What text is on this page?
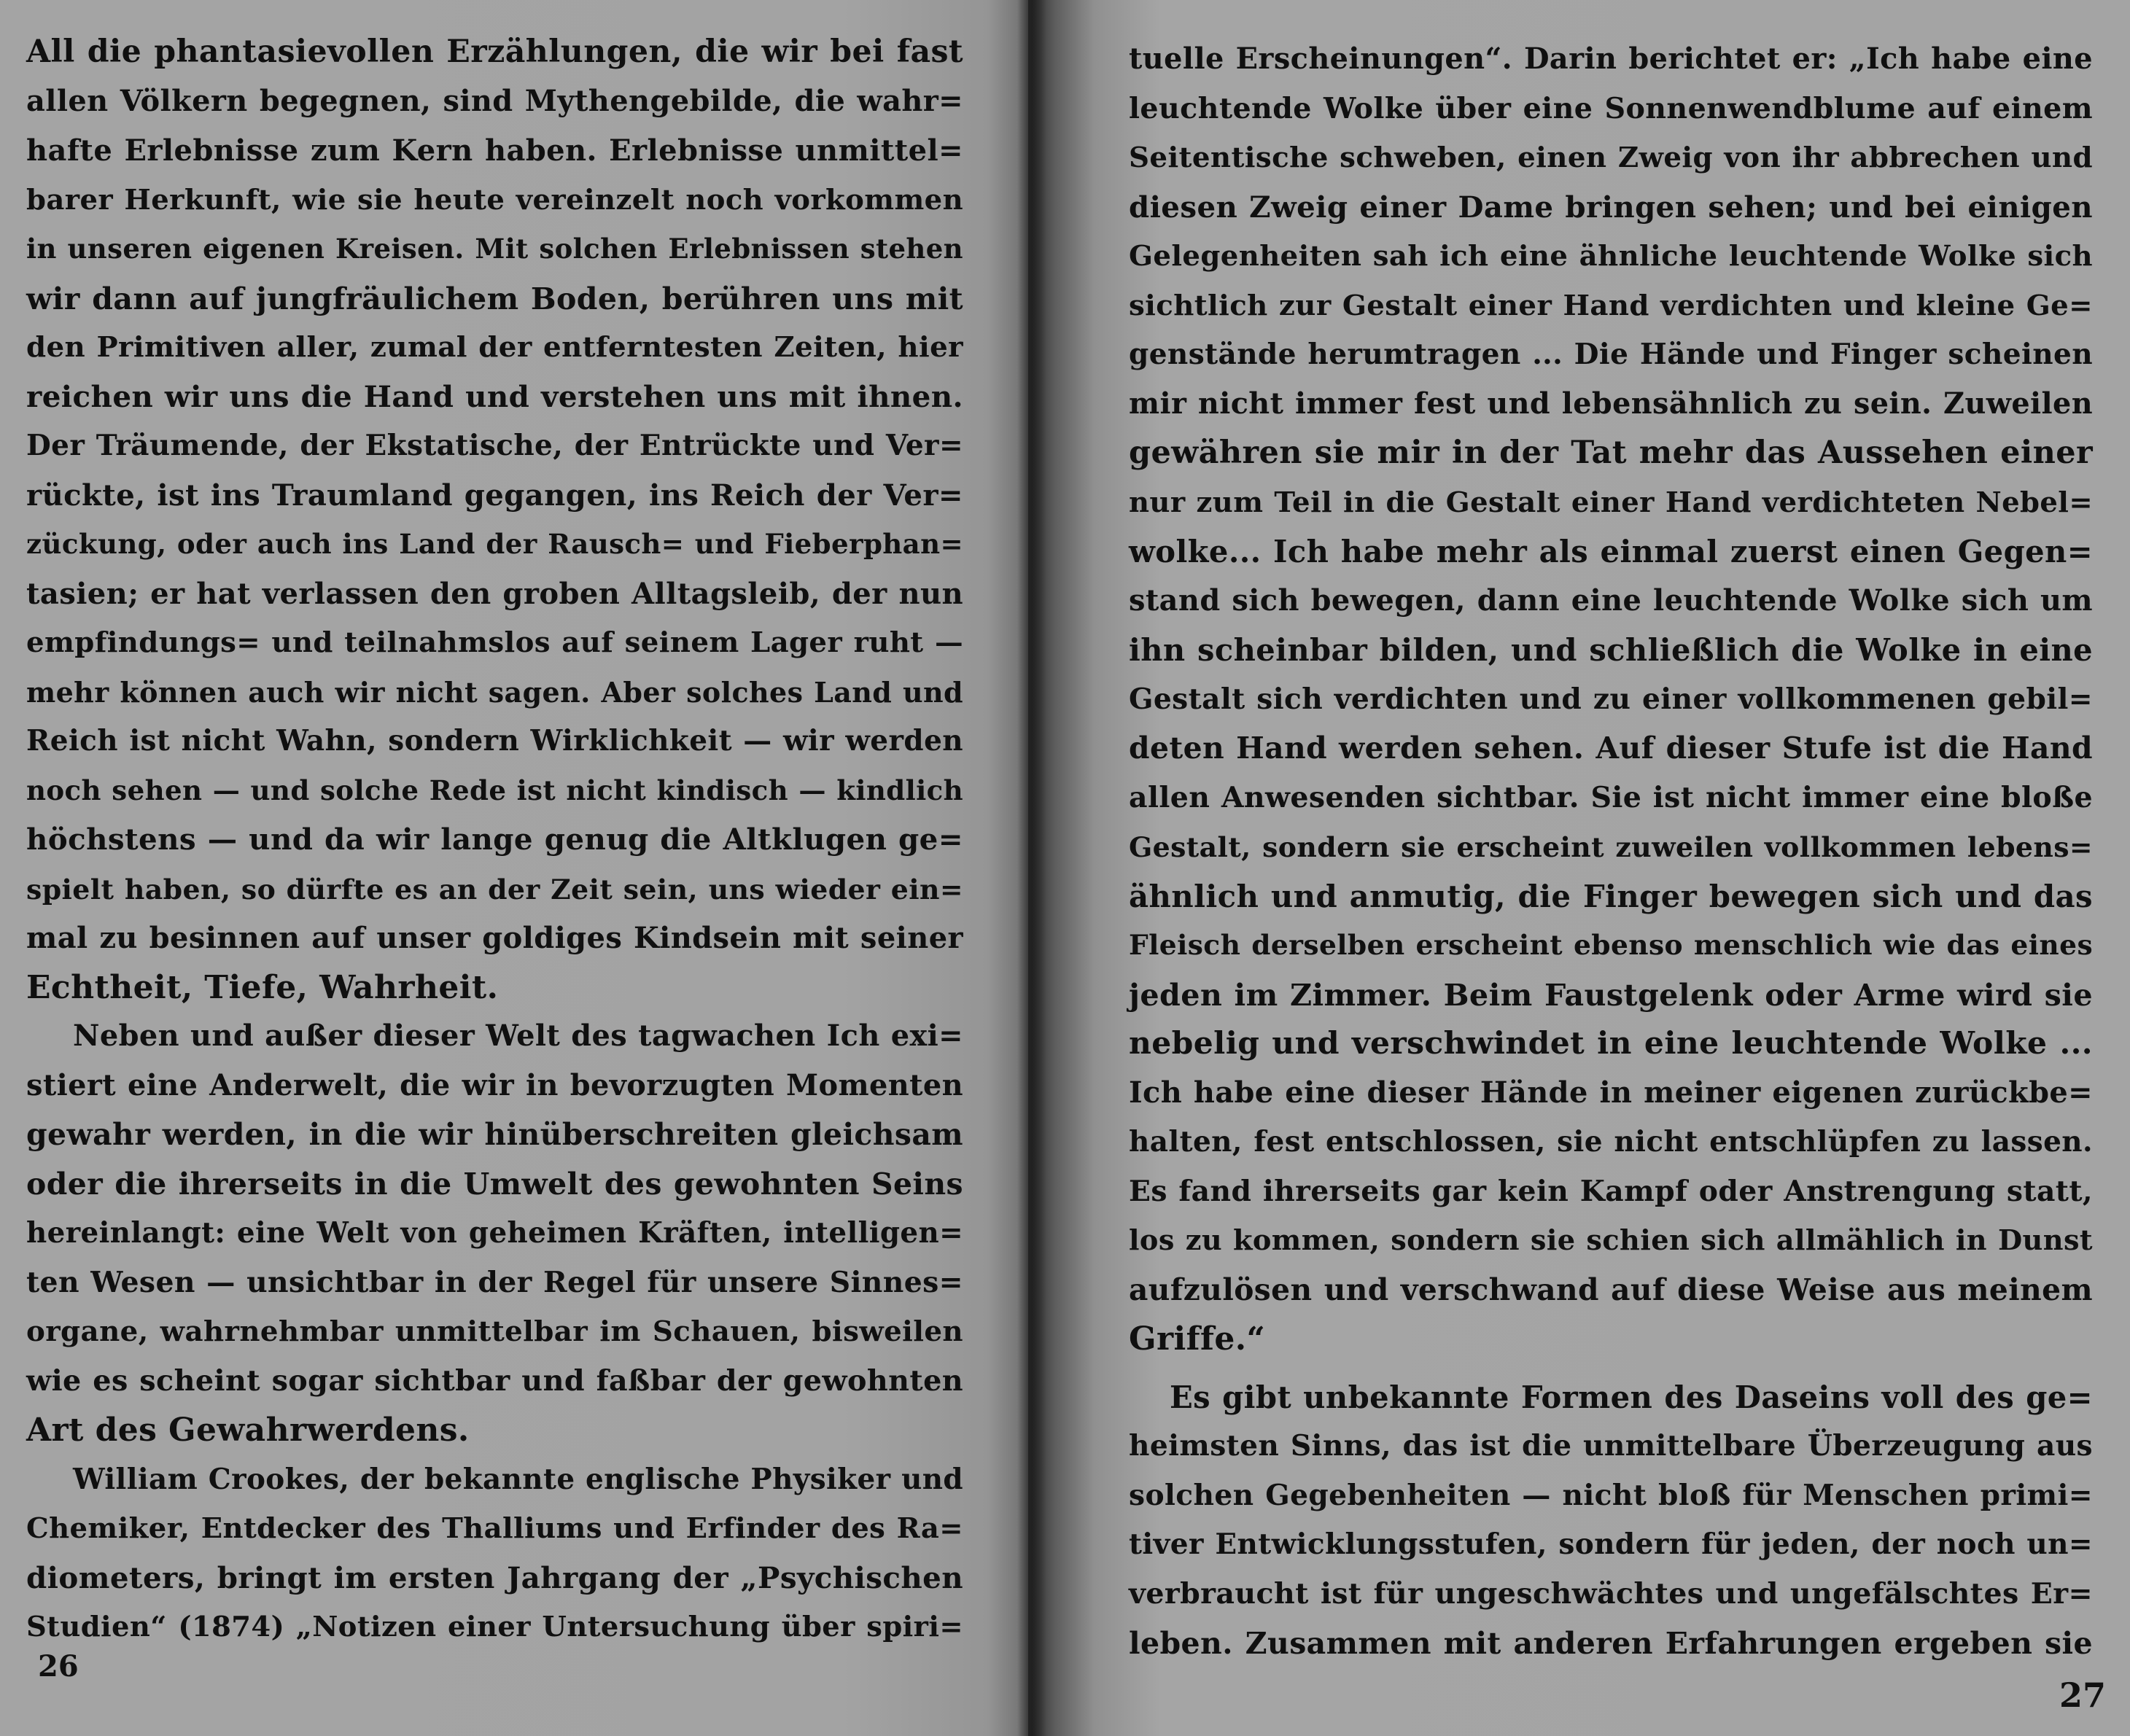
All die phantasievollen Erzählungen, die wir bei fast
allen Völkern begegnen, sind Mythengebilde, die wahr=
hafte Erlebnisse zum Kern haben. Erlebnisse unmittel=
barer Herkunft, wie sie heute vereinzelt noch vorkommen
in unseren eigenen Kreisen. Mit solchen Erlebnissen stehen
wir dann auf jungfräulichem Boden, berühren uns mit
den Primitiven aller, zumal der entferntesten Zeiten, hier
reichen wir uns die Hand und verstehen uns mit ihnen.
Der Träumende, der Ekstatische, der Entrückte und Ver=
rückte, ist ins Traumland gegangen, ins Reich der Ver=
zückung, oder auch ins Land der Rausch= und Fieberphan=
tasien; er hat verlassen den groben Alltagsleib, der nun
empfindungs= und teilnahmslos auf seinem Lager ruht —
mehr können auch wir nicht sagen. Aber solches Land und
Reich ist nicht Wahn, sondern Wirklichkeit — wir werden
noch sehen — und solche Rede ist nicht kindisch — kindlich
höchstens — und da wir lange genug die Altklugen ge=
spielt haben, so dürfte es an der Zeit sein, uns wieder ein=
mal zu besinnen auf unser goldiges Kindsein mit seiner
Echtheit, Tiefe, Wahrheit.

Neben und außer dieser Welt des tagwachen Ich exi=
stiert eine Anderwelt, die wir in bevorzugten Momenten
gewahr werden, in die wir hinüberschreiten gleichsam
oder die ihrerseits in die Umwelt des gewohnten Seins
hereinlangt: eine Welt von geheimen Kräften, intelligen=
ten Wesen — unsichtbar in der Regel für unsere Sinnes=
organe, wahrnehmbar unmittelbar im Schauen, bisweilen
wie es scheint sogar sichtbar und faßbar der gewohnten
Art des Gewahrwerdens.

William Crookes, der bekannte englische Physiker und
Chemiker, Entdecker des Thalliums und Erfinder des Ra=
diometers, bringt im ersten Jahrgang der „Psychischen
Studien“ (1874) „Notizen einer Untersuchung über spiri=

26

tuelle Erscheinungen“. Darin berichtet er: „Ich habe eine
leuchtende Wolke über eine Sonnenwendblume auf einem
Seitentische schweben, einen Zweig von ihr abbrechen und
diesen Zweig einer Dame bringen sehen; und bei einigen
Gelegenheiten sah ich eine ähnliche leuchtende Wolke sich
sichtlich zur Gestalt einer Hand verdichten und kleine Ge=
genstände herumtragen ... Die Hände und Finger scheinen
mir nicht immer fest und lebensähnlich zu sein. Zuweilen
gewähren sie mir in der Tat mehr das Aussehen einer
nur zum Teil in die Gestalt einer Hand verdichteten Nebel=
wolke... Ich habe mehr als einmal zuerst einen Gegen=
stand sich bewegen, dann eine leuchtende Wolke sich um
ihn scheinbar bilden, und schließlich die Wolke in eine
Gestalt sich verdichten und zu einer vollkommenen gebil=
deten Hand werden sehen. Auf dieser Stufe ist die Hand
allen Anwesenden sichtbar. Sie ist nicht immer eine bloße
Gestalt, sondern sie erscheint zuweilen vollkommen lebens=
ähnlich und anmutig, die Finger bewegen sich und das
Fleisch derselben erscheint ebenso menschlich wie das eines
jeden im Zimmer. Beim Faustgelenk oder Arme wird sie
nebelig und verschwindet in eine leuchtende Wolke ...
Ich habe eine dieser Hände in meiner eigenen zurückbe=
halten, fest entschlossen, sie nicht entschlüpfen zu lassen.
Es fand ihrerseits gar kein Kampf oder Anstrengung statt,
los zu kommen, sondern sie schien sich allmählich in Dunst
aufzulösen und verschwand auf diese Weise aus meinem
Griffe.“

Es gibt unbekannte Formen des Daseins voll des ge=
heimsten Sinns, das ist die unmittelbare Überzeugung aus
solchen Gegebenheiten — nicht bloß für Menschen primi=
tiver Entwicklungsstufen, sondern für jeden, der noch un=
verbraucht ist für ungeschwächtes und ungefälschtes Er=
leben. Zusammen mit anderen Erfahrungen ergeben sie

27
